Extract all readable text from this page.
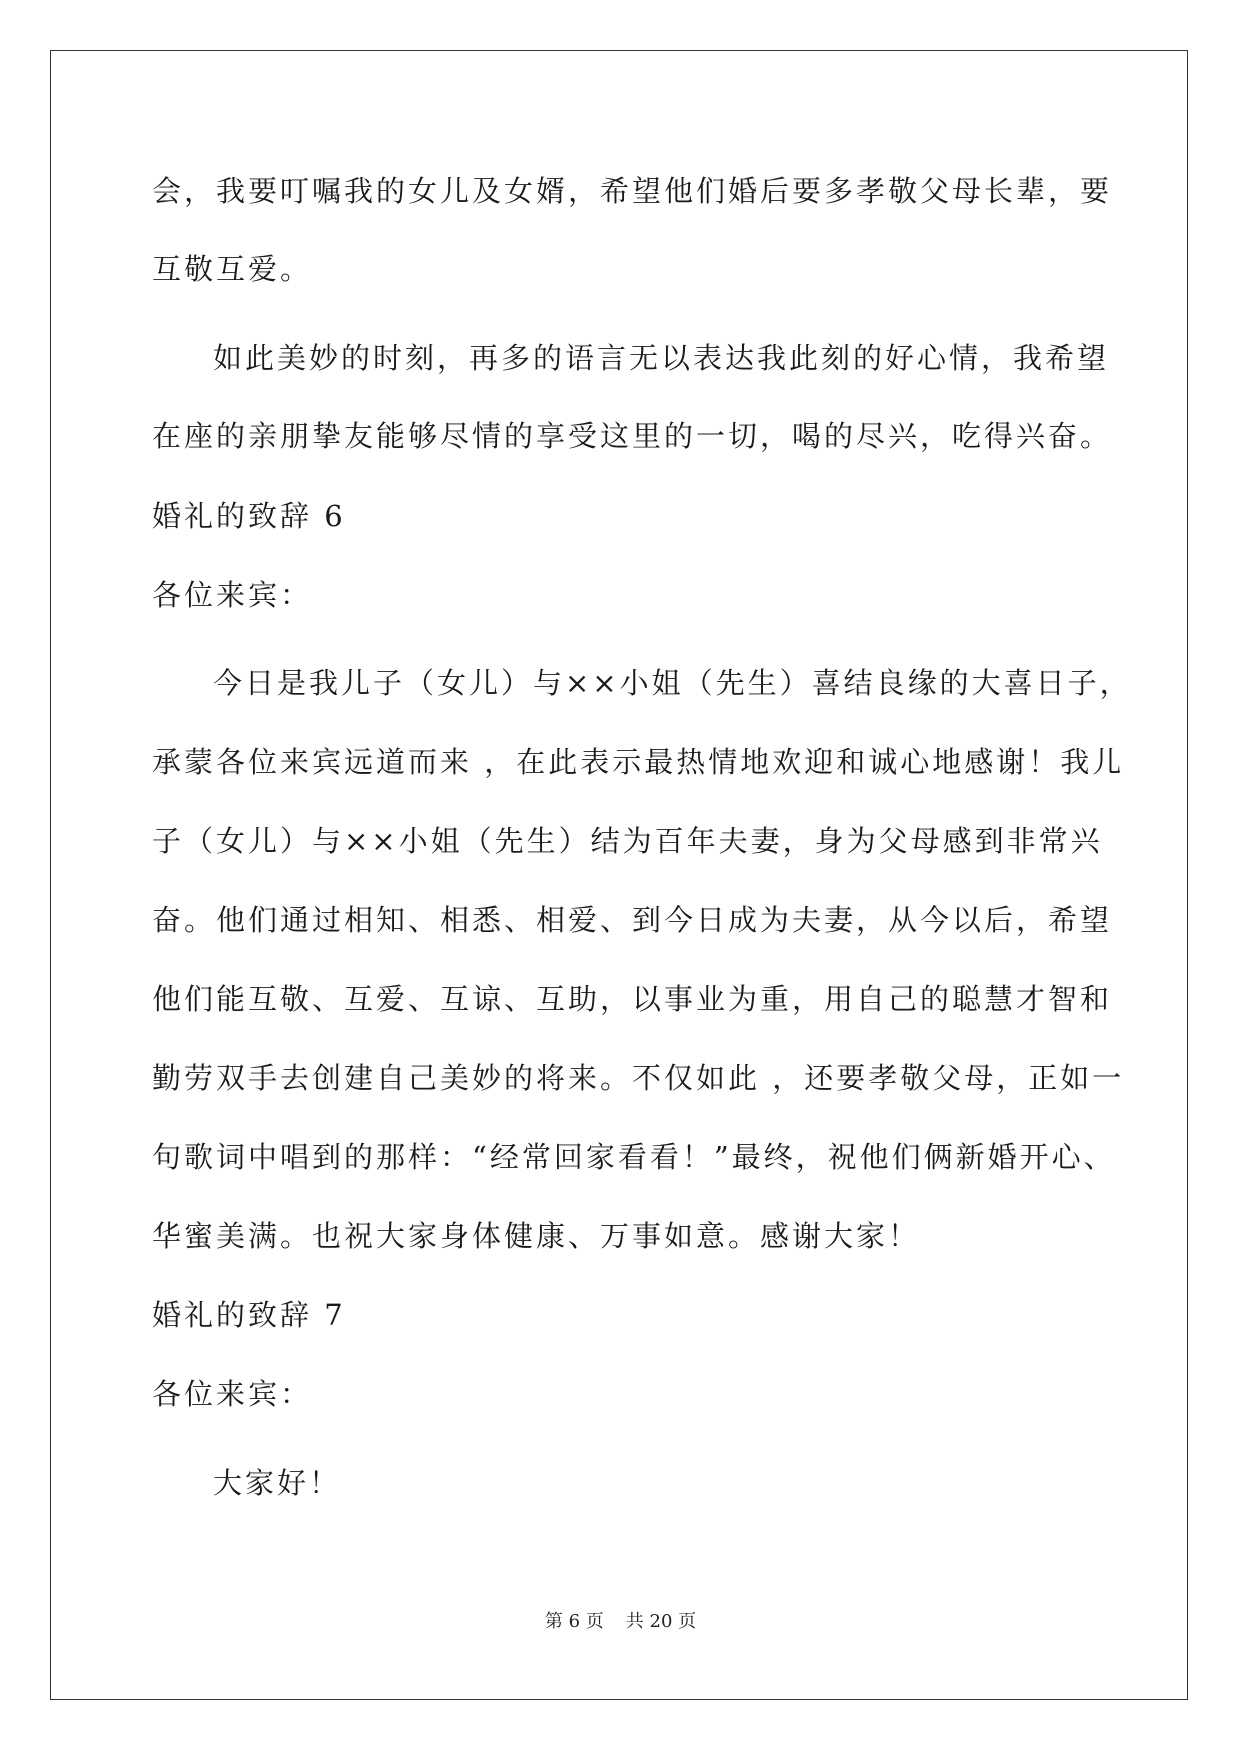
会，我要叮嘱我的女儿及女婿，希望他们婚后要多孝敬父母长辈，要
互敬互爱。
如此美妙的时刻，再多的语言无以表达我此刻的好心情，我希望
在座的亲朋挚友能够尽情的享受这里的一切，喝的尽兴，吃得兴奋。
婚礼的致辞 6
各位来宾：
今日是我儿子（女儿）与××小姐（先生）喜结良缘的大喜日子，
承蒙各位来宾远道而来 ，在此表示最热情地欢迎和诚心地感谢！我儿
子（女儿）与××小姐（先生）结为百年夫妻，身为父母感到非常兴
奋。他们通过相知、相悉、相爱、到今日成为夫妻，从今以后，希望
他们能互敬、互爱、互谅、互助，以事业为重，用自己的聪慧才智和
勤劳双手去创建自己美妙的将来。不仅如此 ，还要孝敬父母，正如一
句歌词中唱到的那样：“经常回家看看！”最终，祝他们俩新婚开心、
华蜜美满。也祝大家身体健康、万事如意。感谢大家！
婚礼的致辞 7
各位来宾：
大家好！
第 6 页 共 20 页
